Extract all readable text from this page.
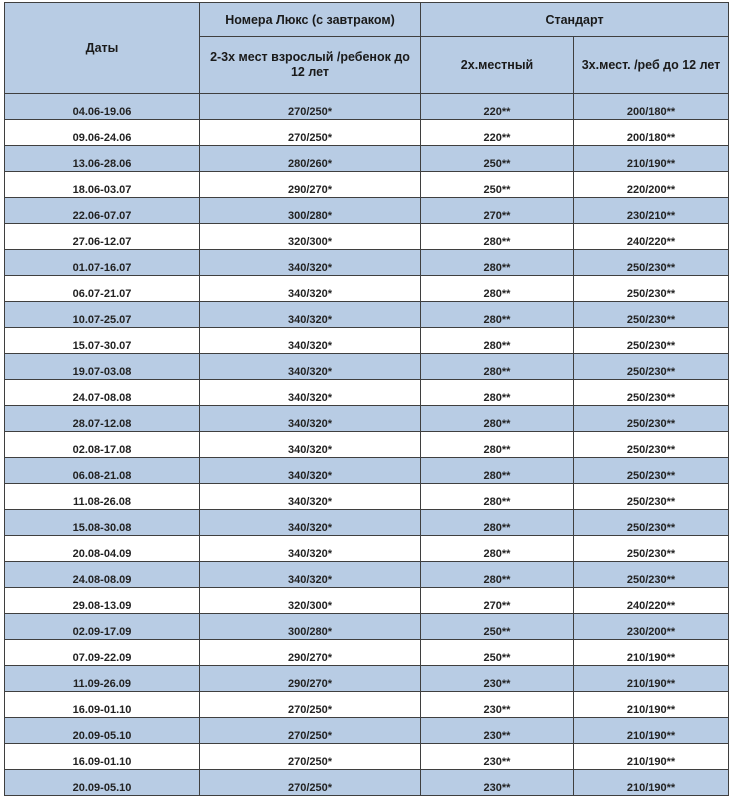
Даты	Номера Люкс (с завтраком)	Стандарт	
	2-3х мест взрослый /ребенок до 12 лет	2х.местный	3х.мест. /реб до 12 лет
04.06-19.06	270/250*	220**	200/180**
09.06-24.06	270/250*	220**	200/180**
13.06-28.06	280/260*	250**	210/190**
18.06-03.07	290/270*	250**	220/200**
22.06-07.07	300/280*	270**	230/210**
27.06-12.07	320/300*	280**	240/220**
01.07-16.07	340/320*	280**	250/230**
06.07-21.07	340/320*	280**	250/230**
10.07-25.07	340/320*	280**	250/230**
15.07-30.07	340/320*	280**	250/230**
19.07-03.08	340/320*	280**	250/230**
24.07-08.08	340/320*	280**	250/230**
28.07-12.08	340/320*	280**	250/230**
02.08-17.08	340/320*	280**	250/230**
06.08-21.08	340/320*	280**	250/230**
11.08-26.08	340/320*	280**	250/230**
15.08-30.08	340/320*	280**	250/230**
20.08-04.09	340/320*	280**	250/230**
24.08-08.09	340/320*	280**	250/230**
29.08-13.09	320/300*	270**	240/220**
02.09-17.09	300/280*	250**	230/200**
07.09-22.09	290/270*	250**	210/190**
11.09-26.09	290/270*	230**	210/190**
16.09-01.10	270/250*	230**	210/190**
20.09-05.10	270/250*	230**	210/190**
16.09-01.10	270/250*	230**	210/190**
20.09-05.10	270/250*	230**	210/190**
